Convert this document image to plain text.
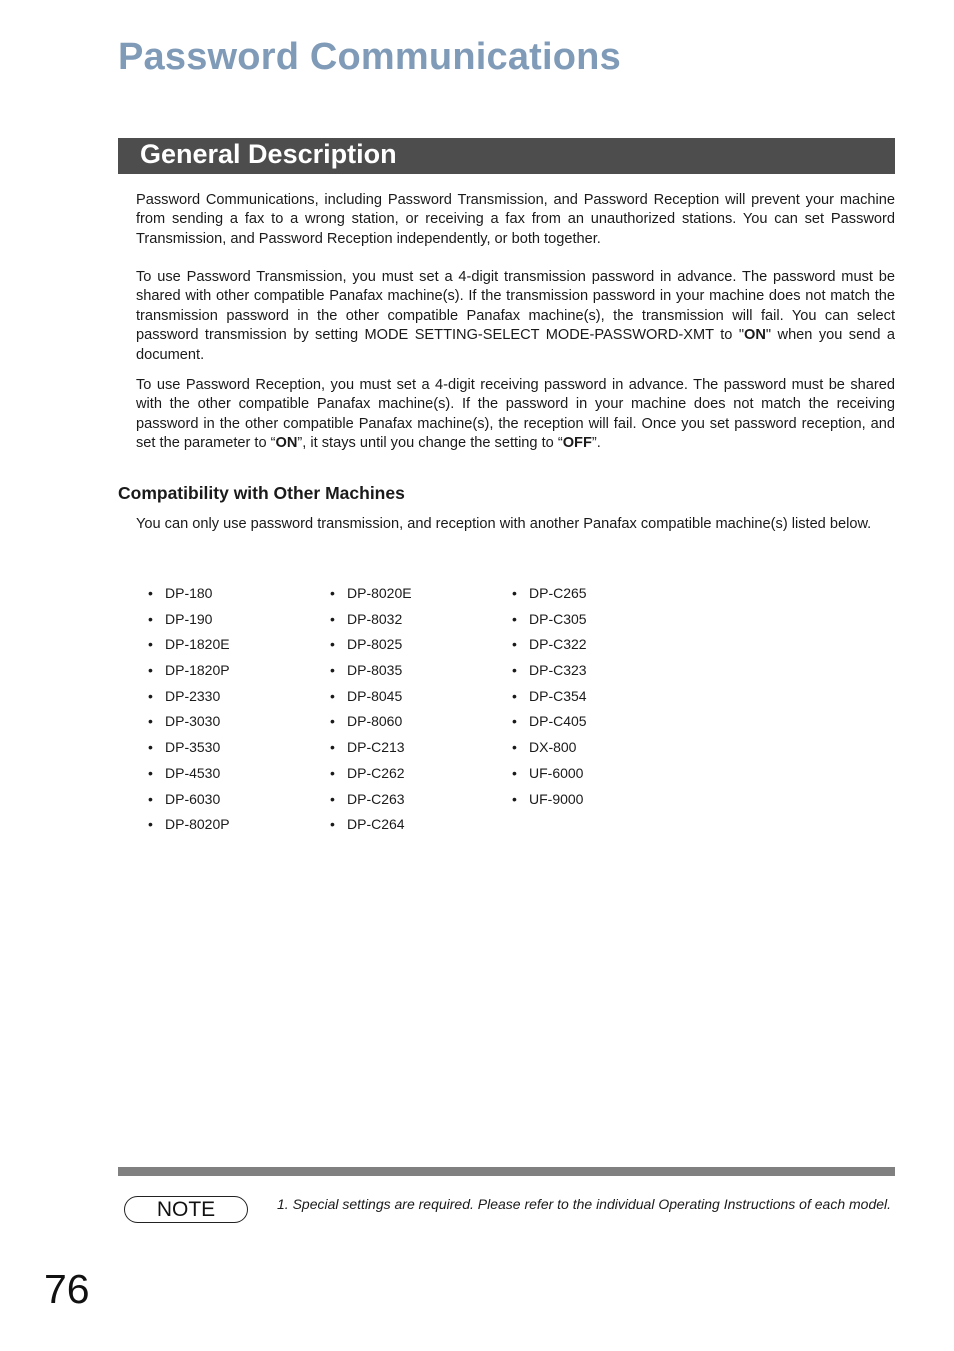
Password Communications
General Description

Password Communications, including Password Transmission, and Password Reception will prevent your machine from sending a fax to a wrong station, or receiving a fax from an unauthorized stations. You can set Password Transmission, and Password Reception independently, or both together.

To use Password Transmission, you must set a 4-digit transmission password in advance. The password must be shared with other compatible Panafax machine(s). If the transmission password in your machine does not match the transmission password in the other compatible Panafax machine(s), the transmission will fail. You can select password transmission by setting MODE SETTING-SELECT MODE-PASSWORD-XMT to "ON" when you send a document.

To use Password Reception, you must set a 4-digit receiving password in advance. The password must be shared with the other compatible Panafax machine(s). If the password in your machine does not match the receiving password in the other compatible Panafax machine(s), the reception will fail. Once you set password reception, and set the parameter to “ON”, it stays until you change the setting to “OFF”.

Compatibility with Other Machines

You can only use password transmission, and reception with another Panafax compatible machine(s) listed below.

• DP-180
• DP-190
• DP-1820E
• DP-1820P
• DP-2330
• DP-3030
• DP-3530
• DP-4530
• DP-6030
• DP-8020P
• DP-8020E
• DP-8032
• DP-8025
• DP-8035
• DP-8045
• DP-8060
• DP-C213
• DP-C262
• DP-C263
• DP-C264
• DP-C265
• DP-C305
• DP-C322
• DP-C323
• DP-C354
• DP-C405
• DX-800
• UF-6000
• UF-9000
NOTE	1. Special settings are required. Please refer to the individual Operating Instructions of each model.

76
